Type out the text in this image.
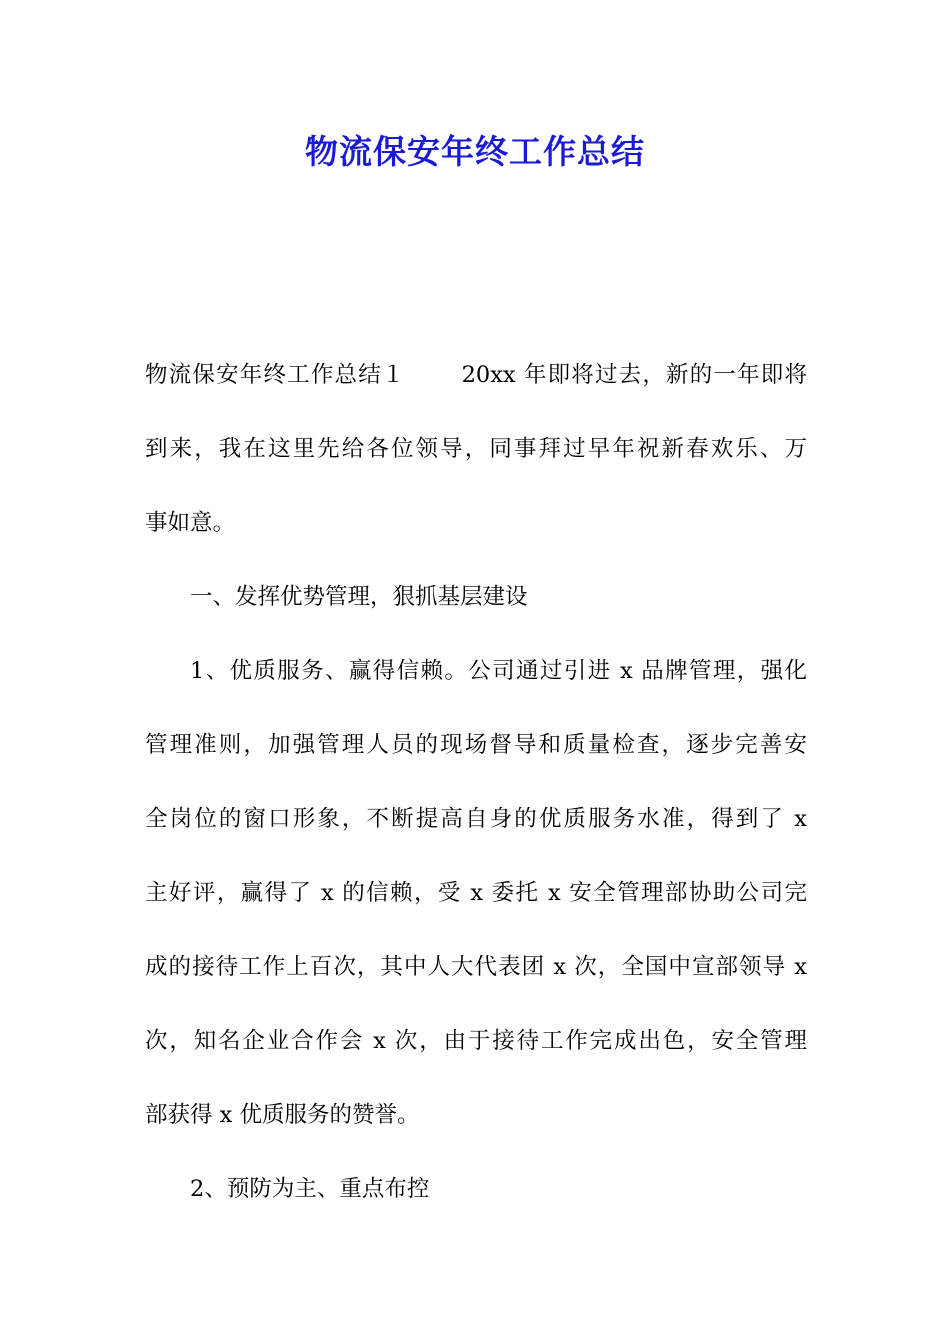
物流保安年终工作总结
物流保安年终工作总结１ 20xx 年即将过去，新的一年即将
到来，我在这里先给各位领导，同事拜过早年祝新春欢乐、万
事如意。
一、发挥优势管理，狠抓基层建设
1、优质服务、赢得信赖。公司通过引进 x 品牌管理，强化
管理准则，加强管理人员的现场督导和质量检查，逐步完善安
全岗位的窗口形象，不断提高自身的优质服务水准，得到了 x
主好评，赢得了 x 的信赖，受 x 委托 x 安全管理部协助公司完
成的接待工作上百次，其中人大代表团 x 次，全国中宣部领导 x
次，知名企业合作会 x 次，由于接待工作完成出色，安全管理
部获得 x 优质服务的赞誉。
2、预防为主、重点布控
